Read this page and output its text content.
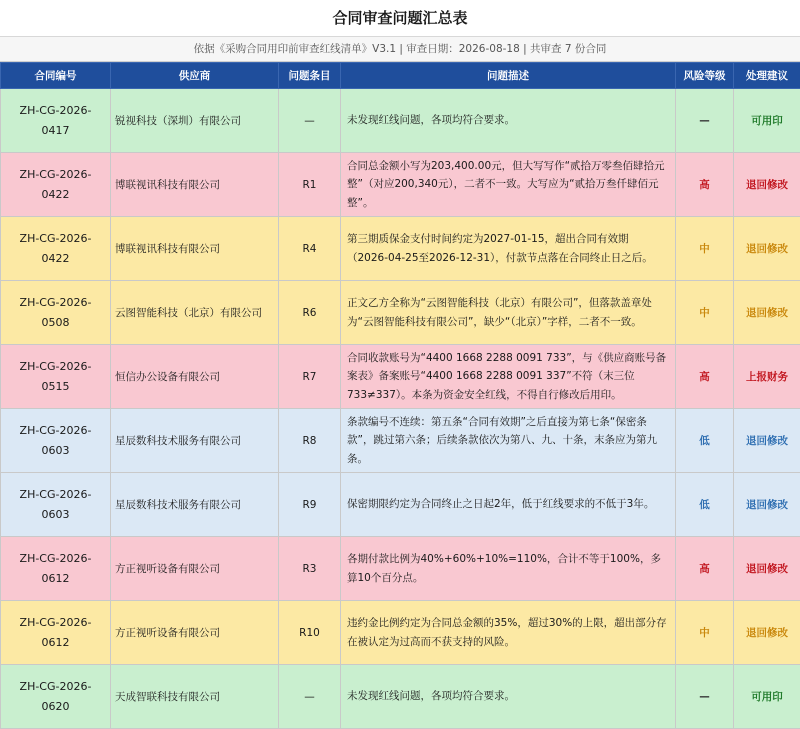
合同审查问题汇总表
依据《采购合同用印前审查红线清单》V3.1 | 审查日期：2026-08-18 | 共审查 7 份合同
合同编号	供应商	问题条目	问题描述	风险等级	处理建议
ZH-CG-2026-
0417	锐视科技（深圳）有限公司	—	未发现红线问题，各项均符合要求。	—	可用印
ZH-CG-2026-
0422	博联视讯科技有限公司	R1	合同总金额小写为203,400.00元，但大写写作“贰拾万零叁佰肆拾元整”（对应200,340元），二者不一致。大写应为“贰拾万叁仟肆佰元整”。	高	退回修改
ZH-CG-2026-
0422	博联视讯科技有限公司	R4	第三期质保金支付时间约定为2027-01-15，超出合同有效期（2026-04-25至2026-12-31），付款节点落在合同终止日之后。	中	退回修改
ZH-CG-2026-
0508	云图智能科技（北京）有限公司	R6	正文乙方全称为“云图智能科技（北京）有限公司”，但落款盖章处为“云图智能科技有限公司”，缺少“（北京）”字样，二者不一致。	中	退回修改
ZH-CG-2026-
0515	恒信办公设备有限公司	R7	合同收款账号为“4400 1668 2288 0091 733”，与《供应商账号备案表》备案账号“4400 1668 2288 0091 337”不符（末三位733≠337）。本条为资金安全红线，不得自行修改后用印。	高	上报财务
ZH-CG-2026-
0603	星辰数科技术服务有限公司	R8	条款编号不连续：第五条“合同有效期”之后直接为第七条“保密条款”，跳过第六条；后续条款依次为第八、九、十条，末条应为第九条。	低	退回修改
ZH-CG-2026-
0603	星辰数科技术服务有限公司	R9	保密期限约定为合同终止之日起2年，低于红线要求的不低于3年。	低	退回修改
ZH-CG-2026-
0612	方正视听设备有限公司	R3	各期付款比例为40%+60%+10%=110%，合计不等于100%，多算10个百分点。	高	退回修改
ZH-CG-2026-
0612	方正视听设备有限公司	R10	违约金比例约定为合同总金额的35%，超过30%的上限，超出部分存在被认定为过高而不获支持的风险。	中	退回修改
ZH-CG-2026-
0620	天成智联科技有限公司	—	未发现红线问题，各项均符合要求。	—	可用印
